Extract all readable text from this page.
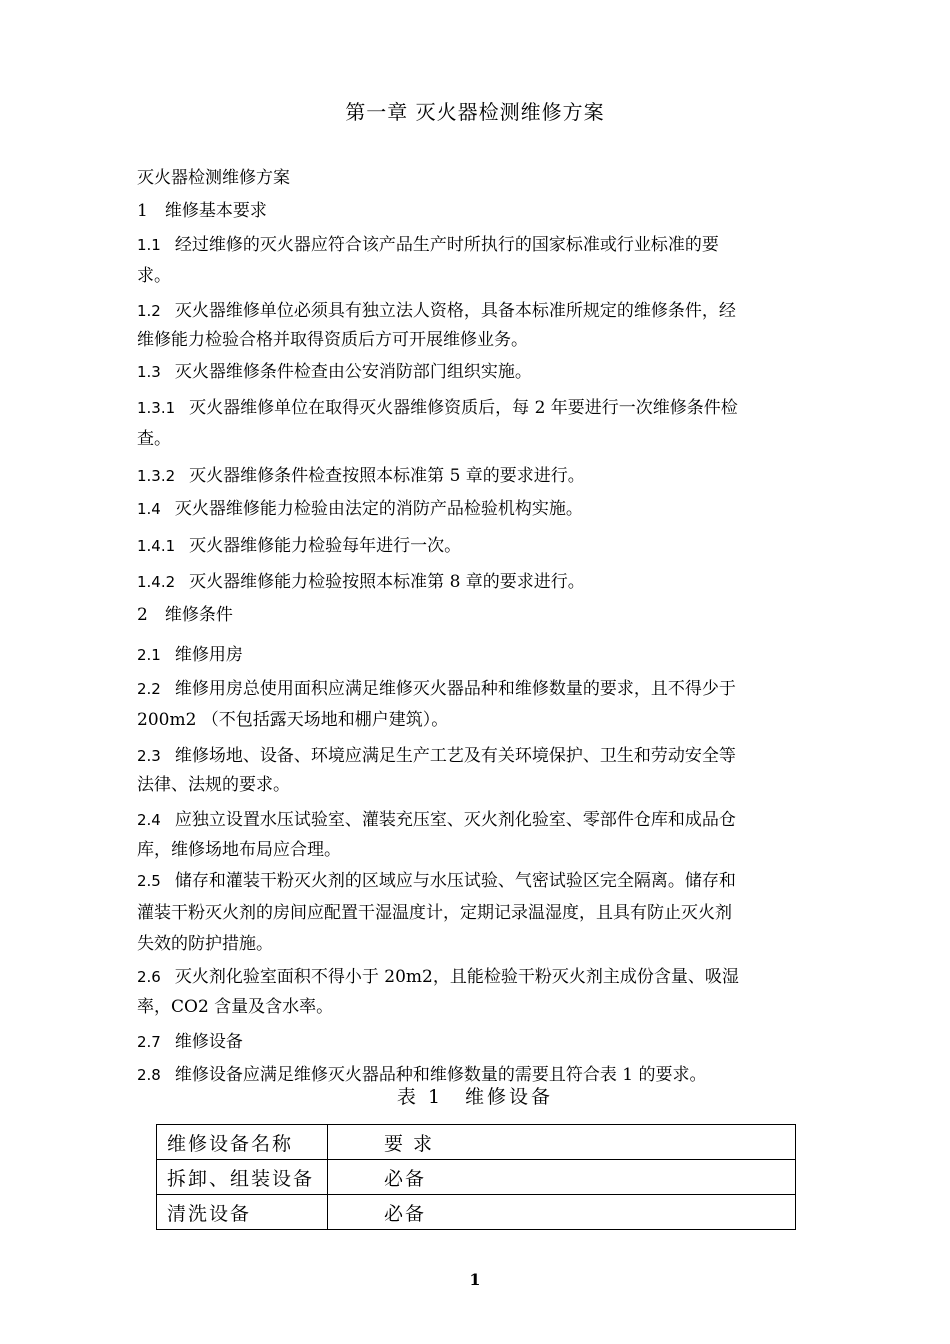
第一章 灭火器检测维修方案
灭火器检测维修方案
1　维修基本要求
1.1 经过维修的灭火器应符合该产品生产时所执行的国家标准或行业标准的要
求。
1.2 灭火器维修单位必须具有独立法人资格，具备本标准所规定的维修条件，经
维修能力检验合格并取得资质后方可开展维修业务。
1.3 灭火器维修条件检查由公安消防部门组织实施。
1.3.1 灭火器维修单位在取得灭火器维修资质后，每 2 年要进行一次维修条件检
查。
1.3.2 灭火器维修条件检查按照本标准第 5 章的要求进行。
1.4 灭火器维修能力检验由法定的消防产品检验机构实施。
1.4.1 灭火器维修能力检验每年进行一次。
1.4.2 灭火器维修能力检验按照本标准第 8 章的要求进行。
2　维修条件
2.1 维修用房
2.2 维修用房总使用面积应满足维修灭火器品种和维修数量的要求，且不得少于
200m2 （不包括露天场地和棚户建筑）。
2.3 维修场地、设备、环境应满足生产工艺及有关环境保护、卫生和劳动安全等
法律、法规的要求。
2.4 应独立设置水压试验室、灌装充压室、灭火剂化验室、零部件仓库和成品仓
库，维修场地布局应合理。
2.5 储存和灌装干粉灭火剂的区域应与水压试验、气密试验区完全隔离。储存和
灌装干粉灭火剂的房间应配置干湿温度计，定期记录温湿度，且具有防止灭火剂
失效的防护措施。
2.6 灭火剂化验室面积不得小于 20m2，且能检验干粉灭火剂主成份含量、吸湿
率，CO2 含量及含水率。
2.7 维修设备
2.8 维修设备应满足维修灭火器品种和维修数量的需要且符合表 1 的要求。
表 1　维修设备
维修设备名称	要 求
拆卸、组装设备	必备
清洗设备	必备
1
